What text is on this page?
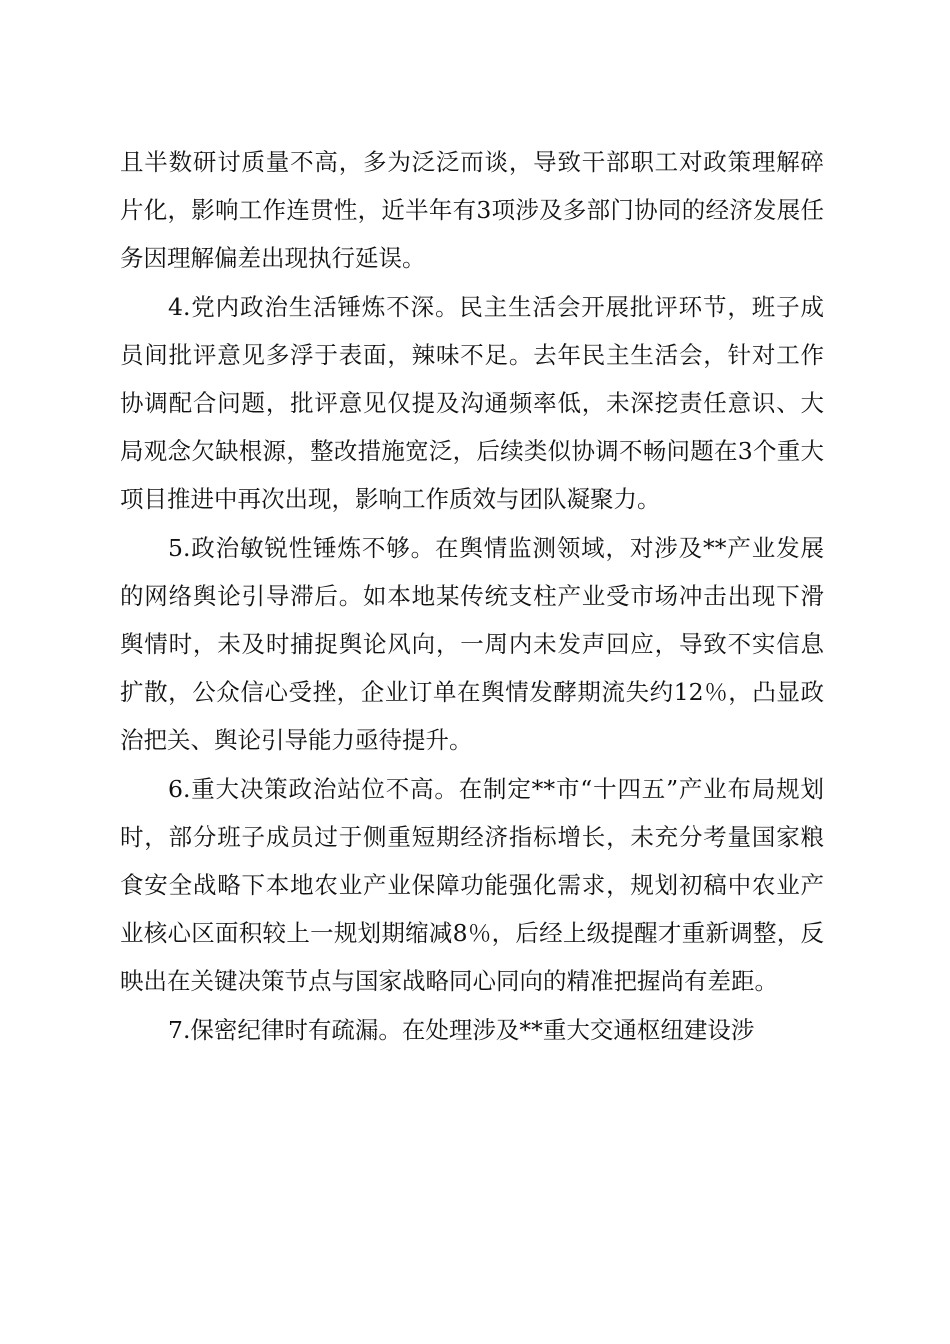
且半数研讨质量不高，多为泛泛而谈，导致干部职工对政策理解碎片化，影响工作连贯性，近半年有3项涉及多部门协同的经济发展任务因理解偏差出现执行延误。

4.党内政治生活锤炼不深。民主生活会开展批评环节，班子成员间批评意见多浮于表面，辣味不足。去年民主生活会，针对工作协调配合问题，批评意见仅提及沟通频率低，未深挖责任意识、大局观念欠缺根源，整改措施宽泛，后续类似协调不畅问题在3个重大项目推进中再次出现，影响工作质效与团队凝聚力。

5.政治敏锐性锤炼不够。在舆情监测领域，对涉及**产业发展的网络舆论引导滞后。如本地某传统支柱产业受市场冲击出现下滑舆情时，未及时捕捉舆论风向，一周内未发声回应，导致不实信息扩散，公众信心受挫，企业订单在舆情发酵期流失约12％，凸显政治把关、舆论引导能力亟待提升。

6.重大决策政治站位不高。在制定**市“十四五”产业布局规划时，部分班子成员过于侧重短期经济指标增长，未充分考量国家粮食安全战略下本地农业产业保障功能强化需求，规划初稿中农业产业核心区面积较上一规划期缩减8％，后经上级提醒才重新调整，反映出在关键决策节点与国家战略同心同向的精准把握尚有差距。

7.保密纪律时有疏漏。在处理涉及**重大交通枢纽建设涉
